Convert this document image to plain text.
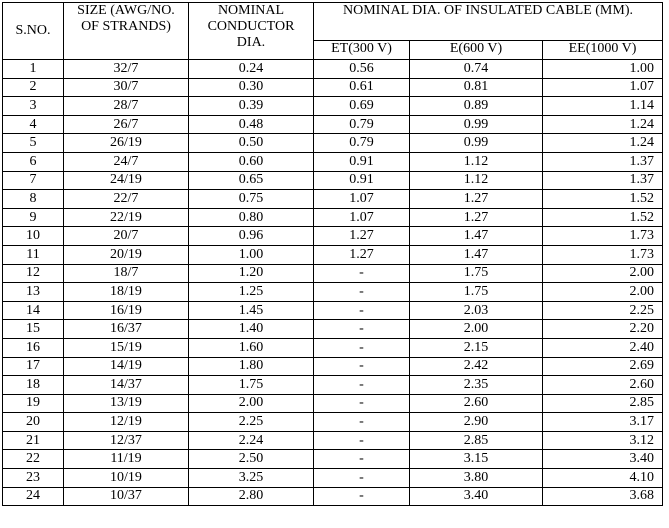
S.NO.	SIZE (AWG/NO. OF STRANDS)	NOMINAL CONDUCTOR DIA.	NOMINAL DIA. OF INSULATED CABLE (MM).		
			ET(300 V)	E(600 V)	EE(1000 V)
1	32/7	0.24	0.56	0.74	1.00
2	30/7	0.30	0.61	0.81	1.07
3	28/7	0.39	0.69	0.89	1.14
4	26/7	0.48	0.79	0.99	1.24
5	26/19	0.50	0.79	0.99	1.24
6	24/7	0.60	0.91	1.12	1.37
7	24/19	0.65	0.91	1.12	1.37
8	22/7	0.75	1.07	1.27	1.52
9	22/19	0.80	1.07	1.27	1.52
10	20/7	0.96	1.27	1.47	1.73
11	20/19	1.00	1.27	1.47	1.73
12	18/7	1.20	-	1.75	2.00
13	18/19	1.25	-	1.75	2.00
14	16/19	1.45	-	2.03	2.25
15	16/37	1.40	-	2.00	2.20
16	15/19	1.60	-	2.15	2.40
17	14/19	1.80	-	2.42	2.69
18	14/37	1.75	-	2.35	2.60
19	13/19	2.00	-	2.60	2.85
20	12/19	2.25	-	2.90	3.17
21	12/37	2.24	-	2.85	3.12
22	11/19	2.50	-	3.15	3.40
23	10/19	3.25	-	3.80	4.10
24	10/37	2.80	-	3.40	3.68
